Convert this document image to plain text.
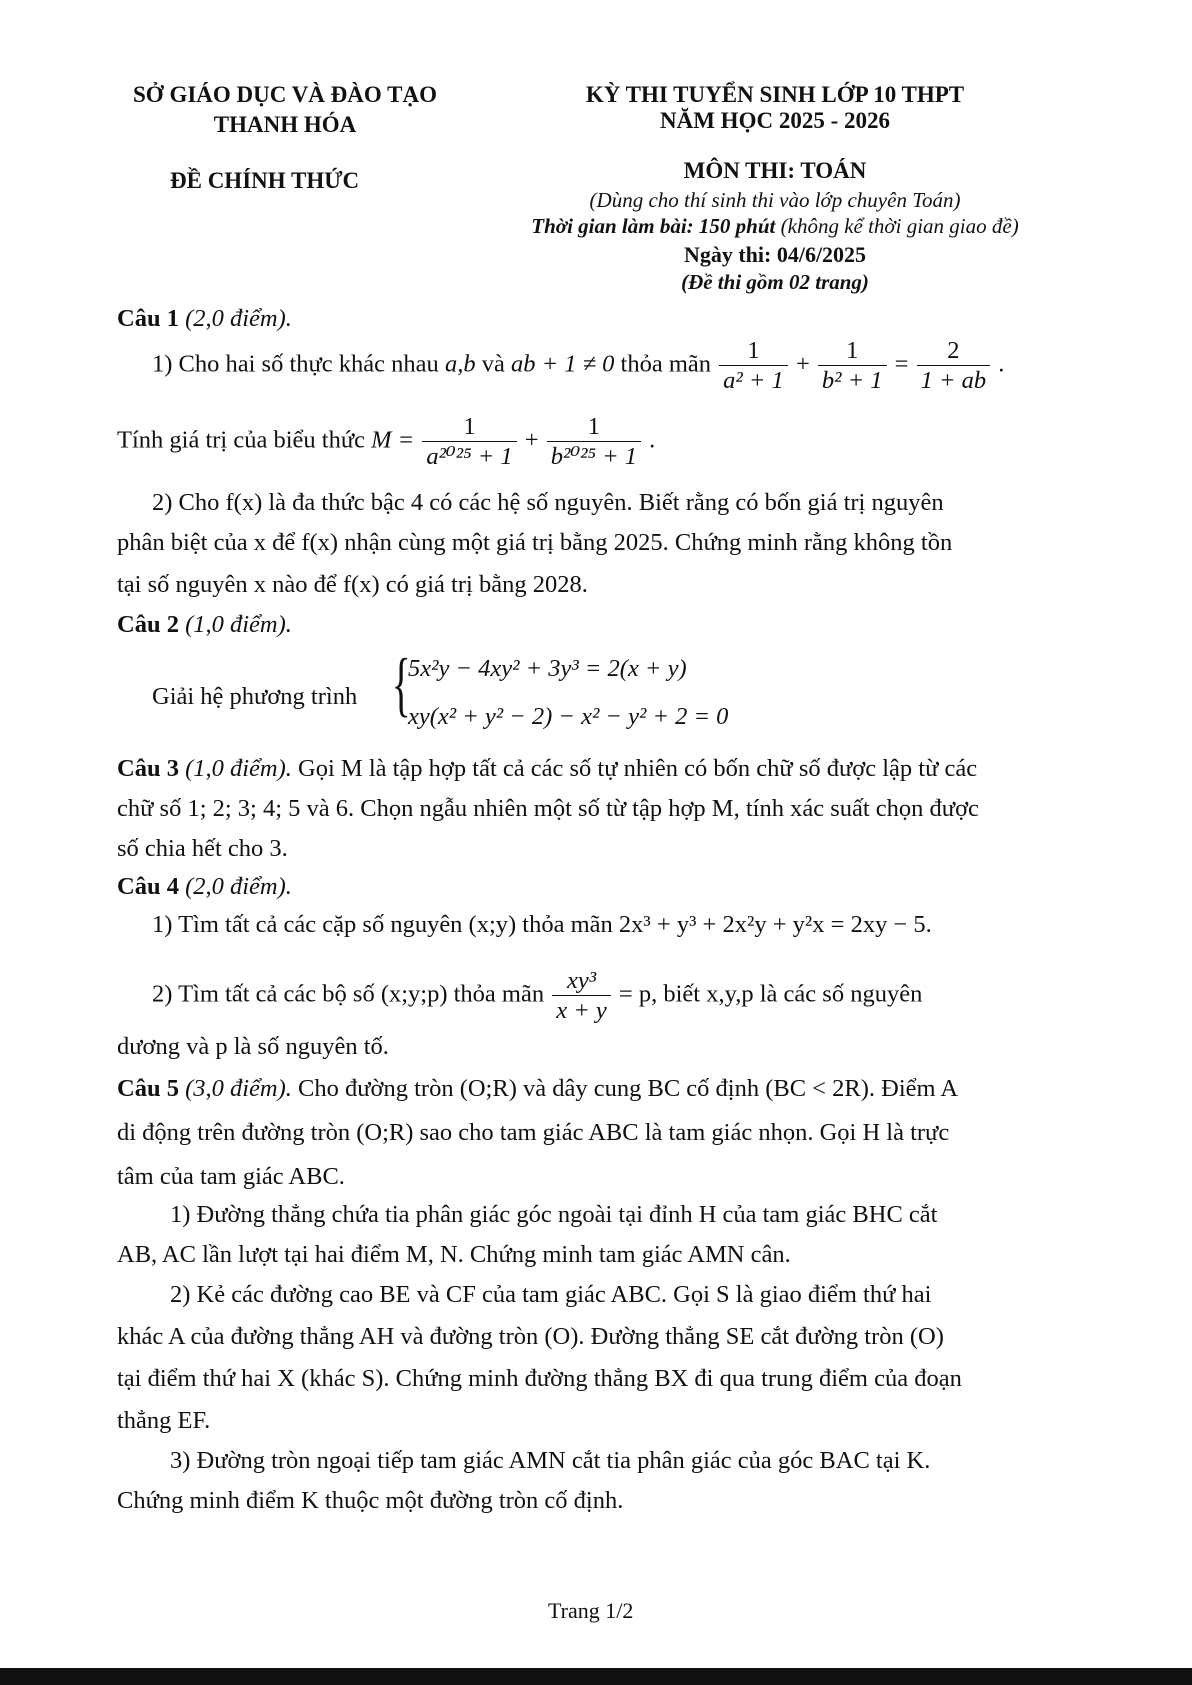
SỞ GIÁO DỤC VÀ ĐÀO TẠO
THANH HÓA
ĐỀ CHÍNH THỨC
KỲ THI TUYỂN SINH LỚP 10 THPT
NĂM HỌC 2025 - 2026
MÔN THI: TOÁN
(Dùng cho thí sinh thi vào lớp chuyên Toán)
Thời gian làm bài: 150 phút (không kể thời gian giao đề)
Ngày thi: 04/6/2025
(Đề thi gồm 02 trang)
Câu 1 (2,0 điểm).
1) Cho hai số thực khác nhau a,b và ab + 1 ≠ 0 thỏa mãn $\frac{1}{\text{a² + 1}} + \frac{1}{\text{b² + 1}} = \frac{2}{1 + ab}$ .
Tính giá trị của biểu thức $M = \frac{1}{\text{a²⁰²⁵ + 1}} + \frac{1}{\text{b²⁰²⁵ + 1}}$ .
2) Cho f(x) là đa thức bậc 4 có các hệ số nguyên. Biết rằng có bốn giá trị nguyên
phân biệt của x để f(x) nhận cùng một giá trị bằng 2025. Chứng minh rằng không tồn
tại số nguyên x nào để f(x) có giá trị bằng 2028.
Câu 2 (1,0 điểm).
Giải hệ phương trình {
5x²y − 4xy² + 3y³ = 2(x + y)
xy(x² + y² − 2) − x² − y² + 2 = 0
Câu 3 (1,0 điểm). Gọi M là tập hợp tất cả các số tự nhiên có bốn chữ số được lập từ các
chữ số 1; 2; 3; 4; 5 và 6. Chọn ngẫu nhiên một số từ tập hợp M, tính xác suất chọn được
số chia hết cho 3.
Câu 4 (2,0 điểm).
1) Tìm tất cả các cặp số nguyên (x;y) thỏa mãn 2x³ + y³ + 2x²y + y²x = 2xy − 5.
2) Tìm tất cả các bộ số (x;y;p) thỏa mãn $\frac{\text{xy³}}{x + y} = p$, biết x,y,p là các số nguyên
dương và p là số nguyên tố.
Câu 5 (3,0 điểm). Cho đường tròn (O;R) và dây cung BC cố định (BC < 2R). Điểm A
di động trên đường tròn (O;R) sao cho tam giác ABC là tam giác nhọn. Gọi H là trực
tâm của tam giác ABC.
1) Đường thẳng chứa tia phân giác góc ngoài tại đỉnh H của tam giác BHC cắt
AB, AC lần lượt tại hai điểm M, N. Chứng minh tam giác AMN cân.
2) Kẻ các đường cao BE và CF của tam giác ABC. Gọi S là giao điểm thứ hai
khác A của đường thẳng AH và đường tròn (O). Đường thẳng SE cắt đường tròn (O)
tại điểm thứ hai X (khác S). Chứng minh đường thẳng BX đi qua trung điểm của đoạn
thẳng EF.
3) Đường tròn ngoại tiếp tam giác AMN cắt tia phân giác của góc BAC tại K.
Chứng minh điểm K thuộc một đường tròn cố định.
Trang 1/2
